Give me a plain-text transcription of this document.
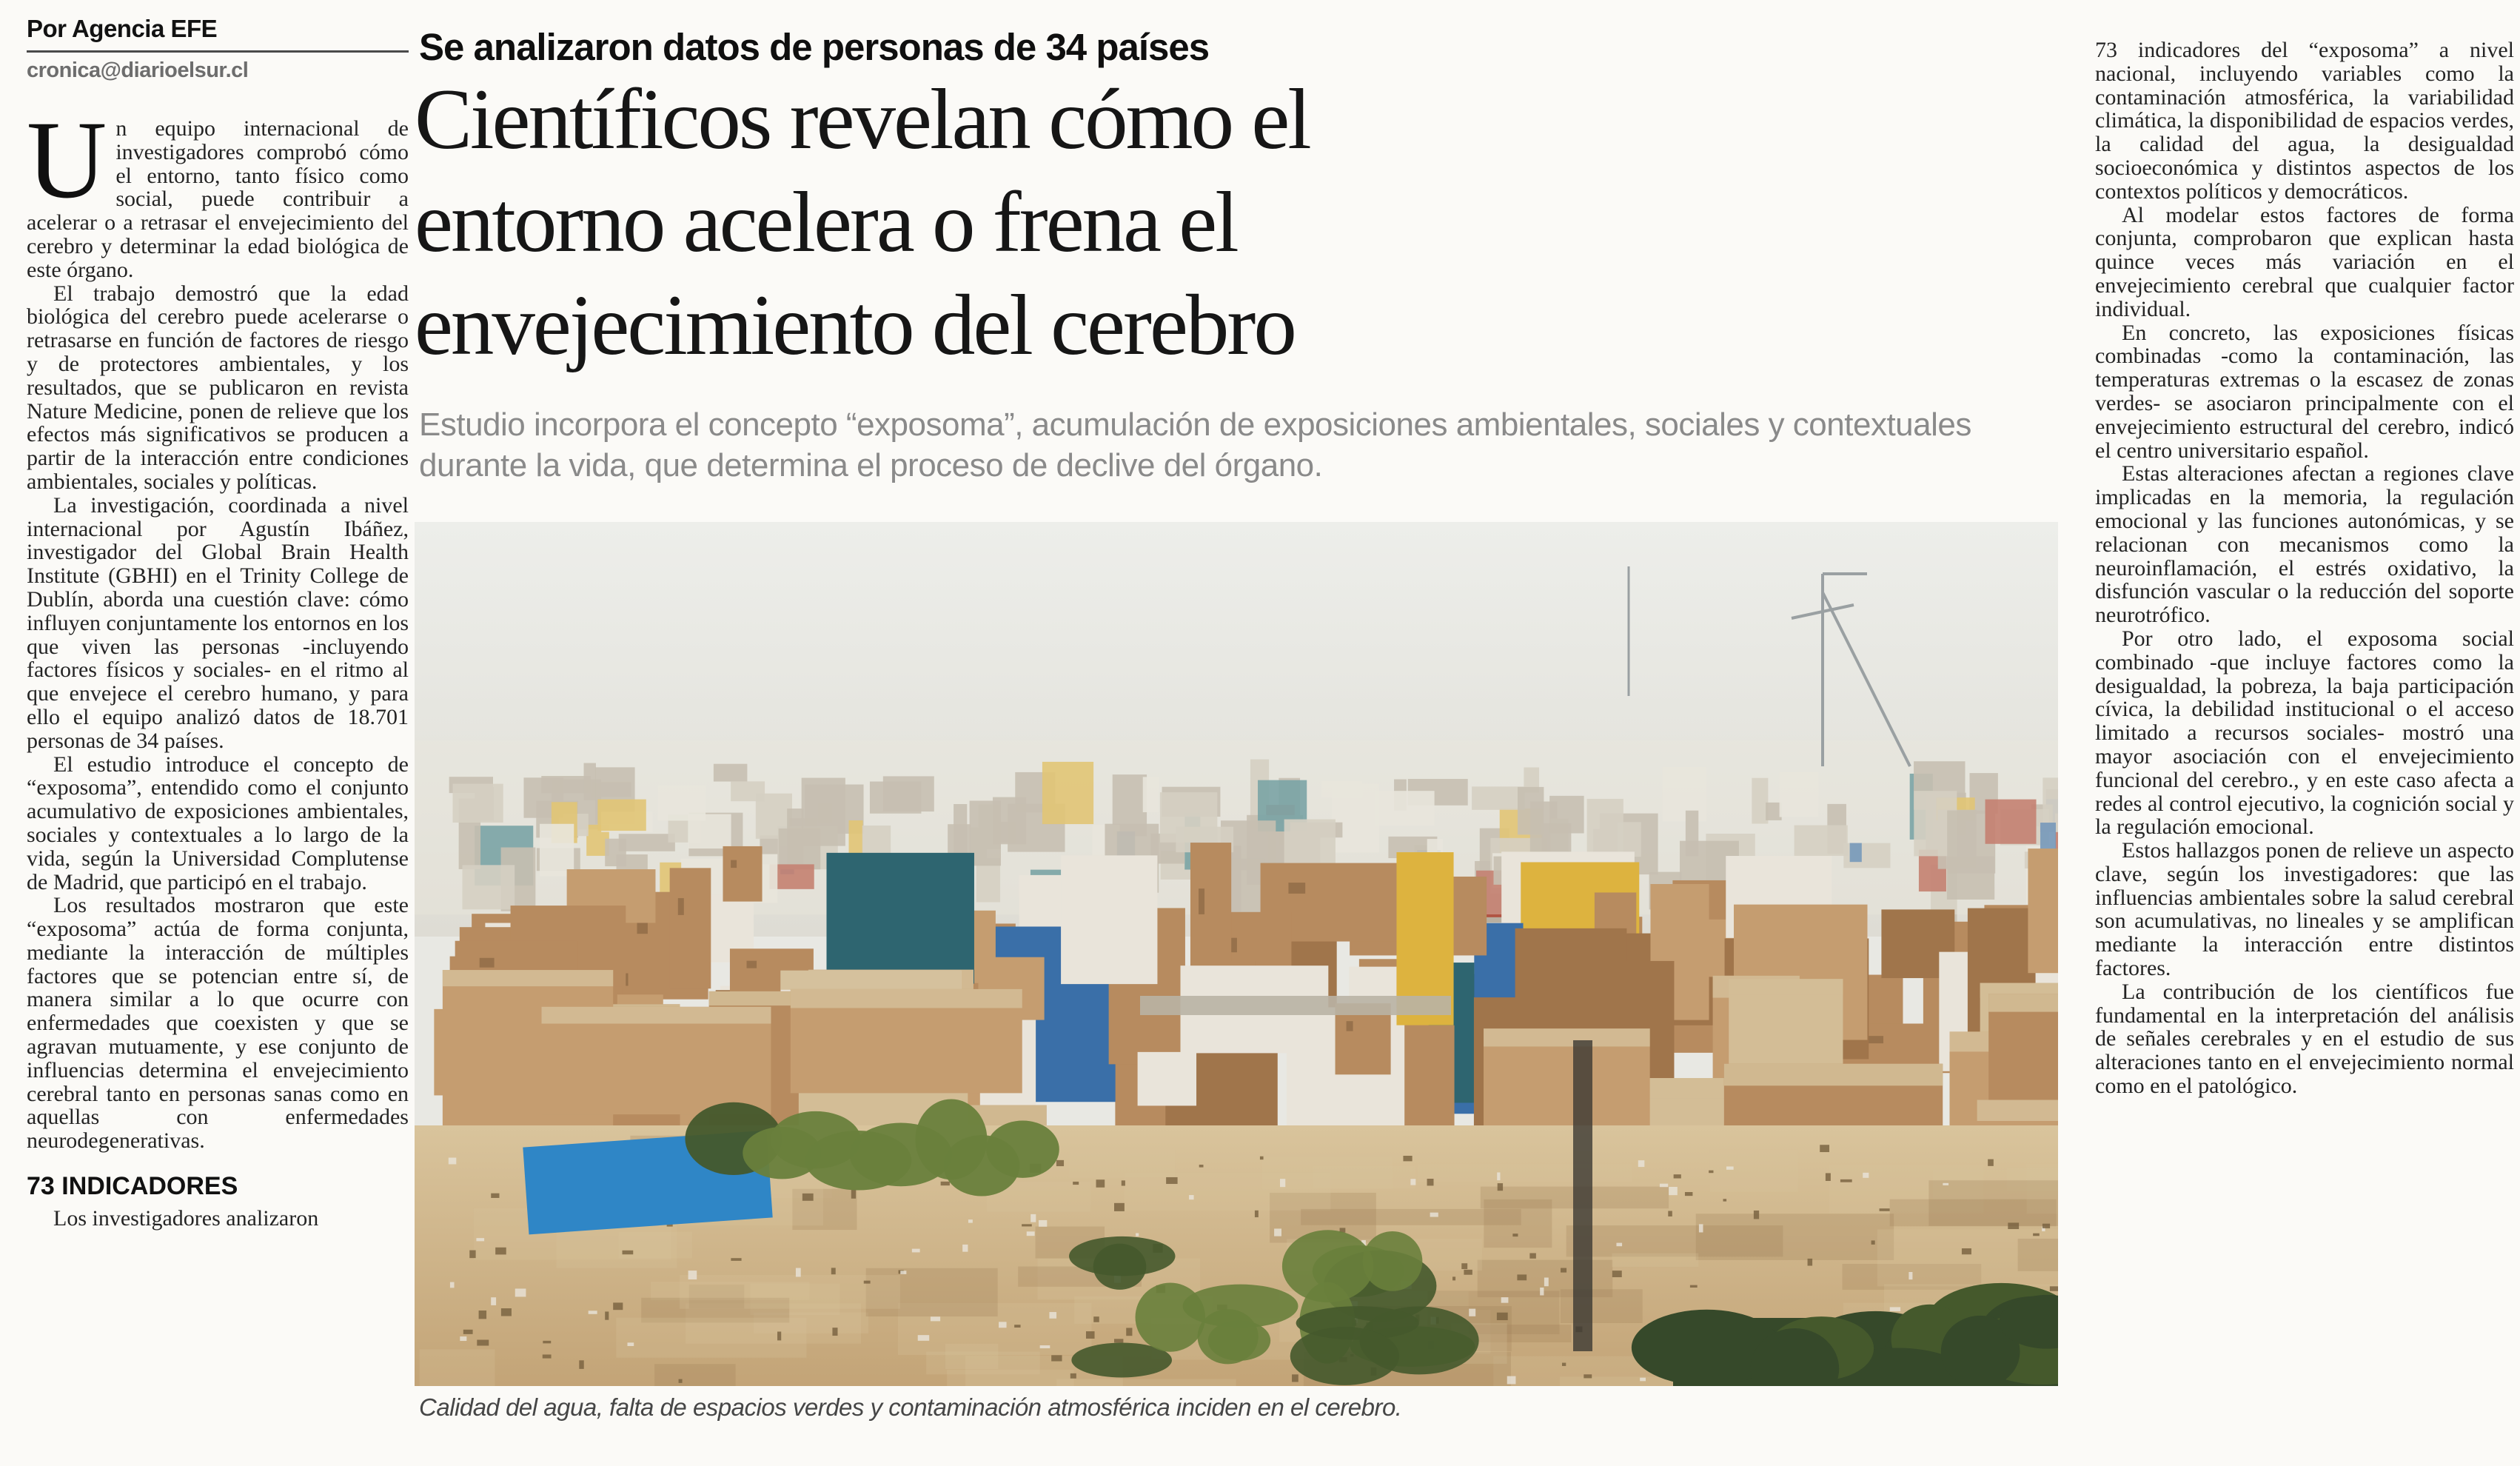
Por Agencia EFE
cronica@diarioelsur.cl
Se analizaron datos de personas de 34 países
Científicos revelan cómo el
entorno acelera o frena el
envejecimiento del cerebro
Estudio incorpora el concepto “exposoma”, acumulación de exposiciones ambientales, sociales y contextuales durante la vida, que determina el proceso de declive del órgano.

Un equipo internacional de investigadores comprobó cómo el entorno, tanto físico como social, puede contribuir a acelerar o a retrasar el envejecimiento del cerebro y determinar la edad biológica de este órgano.

El trabajo demostró que la edad biológica del cerebro puede acelerarse o retrasarse en función de factores de riesgo y de protectores ambientales, y los resultados, que se publicaron en revista Nature Medicine, ponen de relieve que los efectos más significativos se producen a partir de la interacción entre condiciones ambientales, sociales y políticas.

La investigación, coordinada a nivel internacional por Agustín Ibáñez, investigador del Global Brain Health Institute (GBHI) en el Trinity College de Dublín, aborda una cuestión clave: cómo influyen conjuntamente los entornos en los que viven las personas -incluyendo factores físicos y sociales- en el ritmo al que envejece el cerebro humano, y para ello el equipo analizó datos de 18.701 personas de 34 países.

El estudio introduce el concepto de “exposoma”, entendido como el conjunto acumulativo de exposiciones ambientales, sociales y contextuales a lo largo de la vida, según la Universidad Complutense de Madrid, que participó en el trabajo.

Los resultados mostraron que este “exposoma” actúa de forma conjunta, mediante la interacción de múltiples factores que se potencian entre sí, de manera similar a lo que ocurre con enfermedades que coexisten y que se agravan mutuamente, y ese conjunto de influencias determina el envejecimiento cerebral tanto en personas sanas como en aquellas con enfermedades neurodegenerativas.

73 INDICADORES

Los investigadores analizaron

Calidad del agua, falta de espacios verdes y contaminación atmosférica inciden en el cerebro.

73 indicadores del “exposoma” a nivel nacional, incluyendo variables como la contaminación atmosférica, la variabilidad climática, la disponibilidad de espacios verdes, la calidad del agua, la desigualdad socioeconómica y distintos aspectos de los contextos políticos y democráticos.

Al modelar estos factores de forma conjunta, comprobaron que explican hasta quince veces más variación en el envejecimiento cerebral que cualquier factor individual.

En concreto, las exposiciones físicas combinadas -como la contaminación, las temperaturas extremas o la escasez de zonas verdes- se asociaron principalmente con el envejecimiento estructural del cerebro, indicó el centro universitario español.

Estas alteraciones afectan a regiones clave implicadas en la memoria, la regulación emocional y las funciones autonómicas, y se relacionan con mecanismos como la neuroinflamación, el estrés oxidativo, la disfunción vascular o la reducción del soporte neurotrófico.

Por otro lado, el exposoma social combinado -que incluye factores como la desigualdad, la pobreza, la baja participación cívica, la debilidad institucional o el acceso limitado a recursos sociales- mostró una mayor asociación con el envejecimiento funcional del cerebro., y en este caso afecta a redes al control ejecutivo, la cognición social y la regulación emocional.

Estos hallazgos ponen de relieve un aspecto clave, según los investigadores: que las influencias ambientales sobre la salud cerebral son acumulativas, no lineales y se amplifican mediante la interacción entre distintos factores.

La contribución de los científicos fue fundamental en la interpretación del análisis de señales cerebrales y en el estudio de sus alteraciones tanto en el envejecimiento normal como en el patológico.
